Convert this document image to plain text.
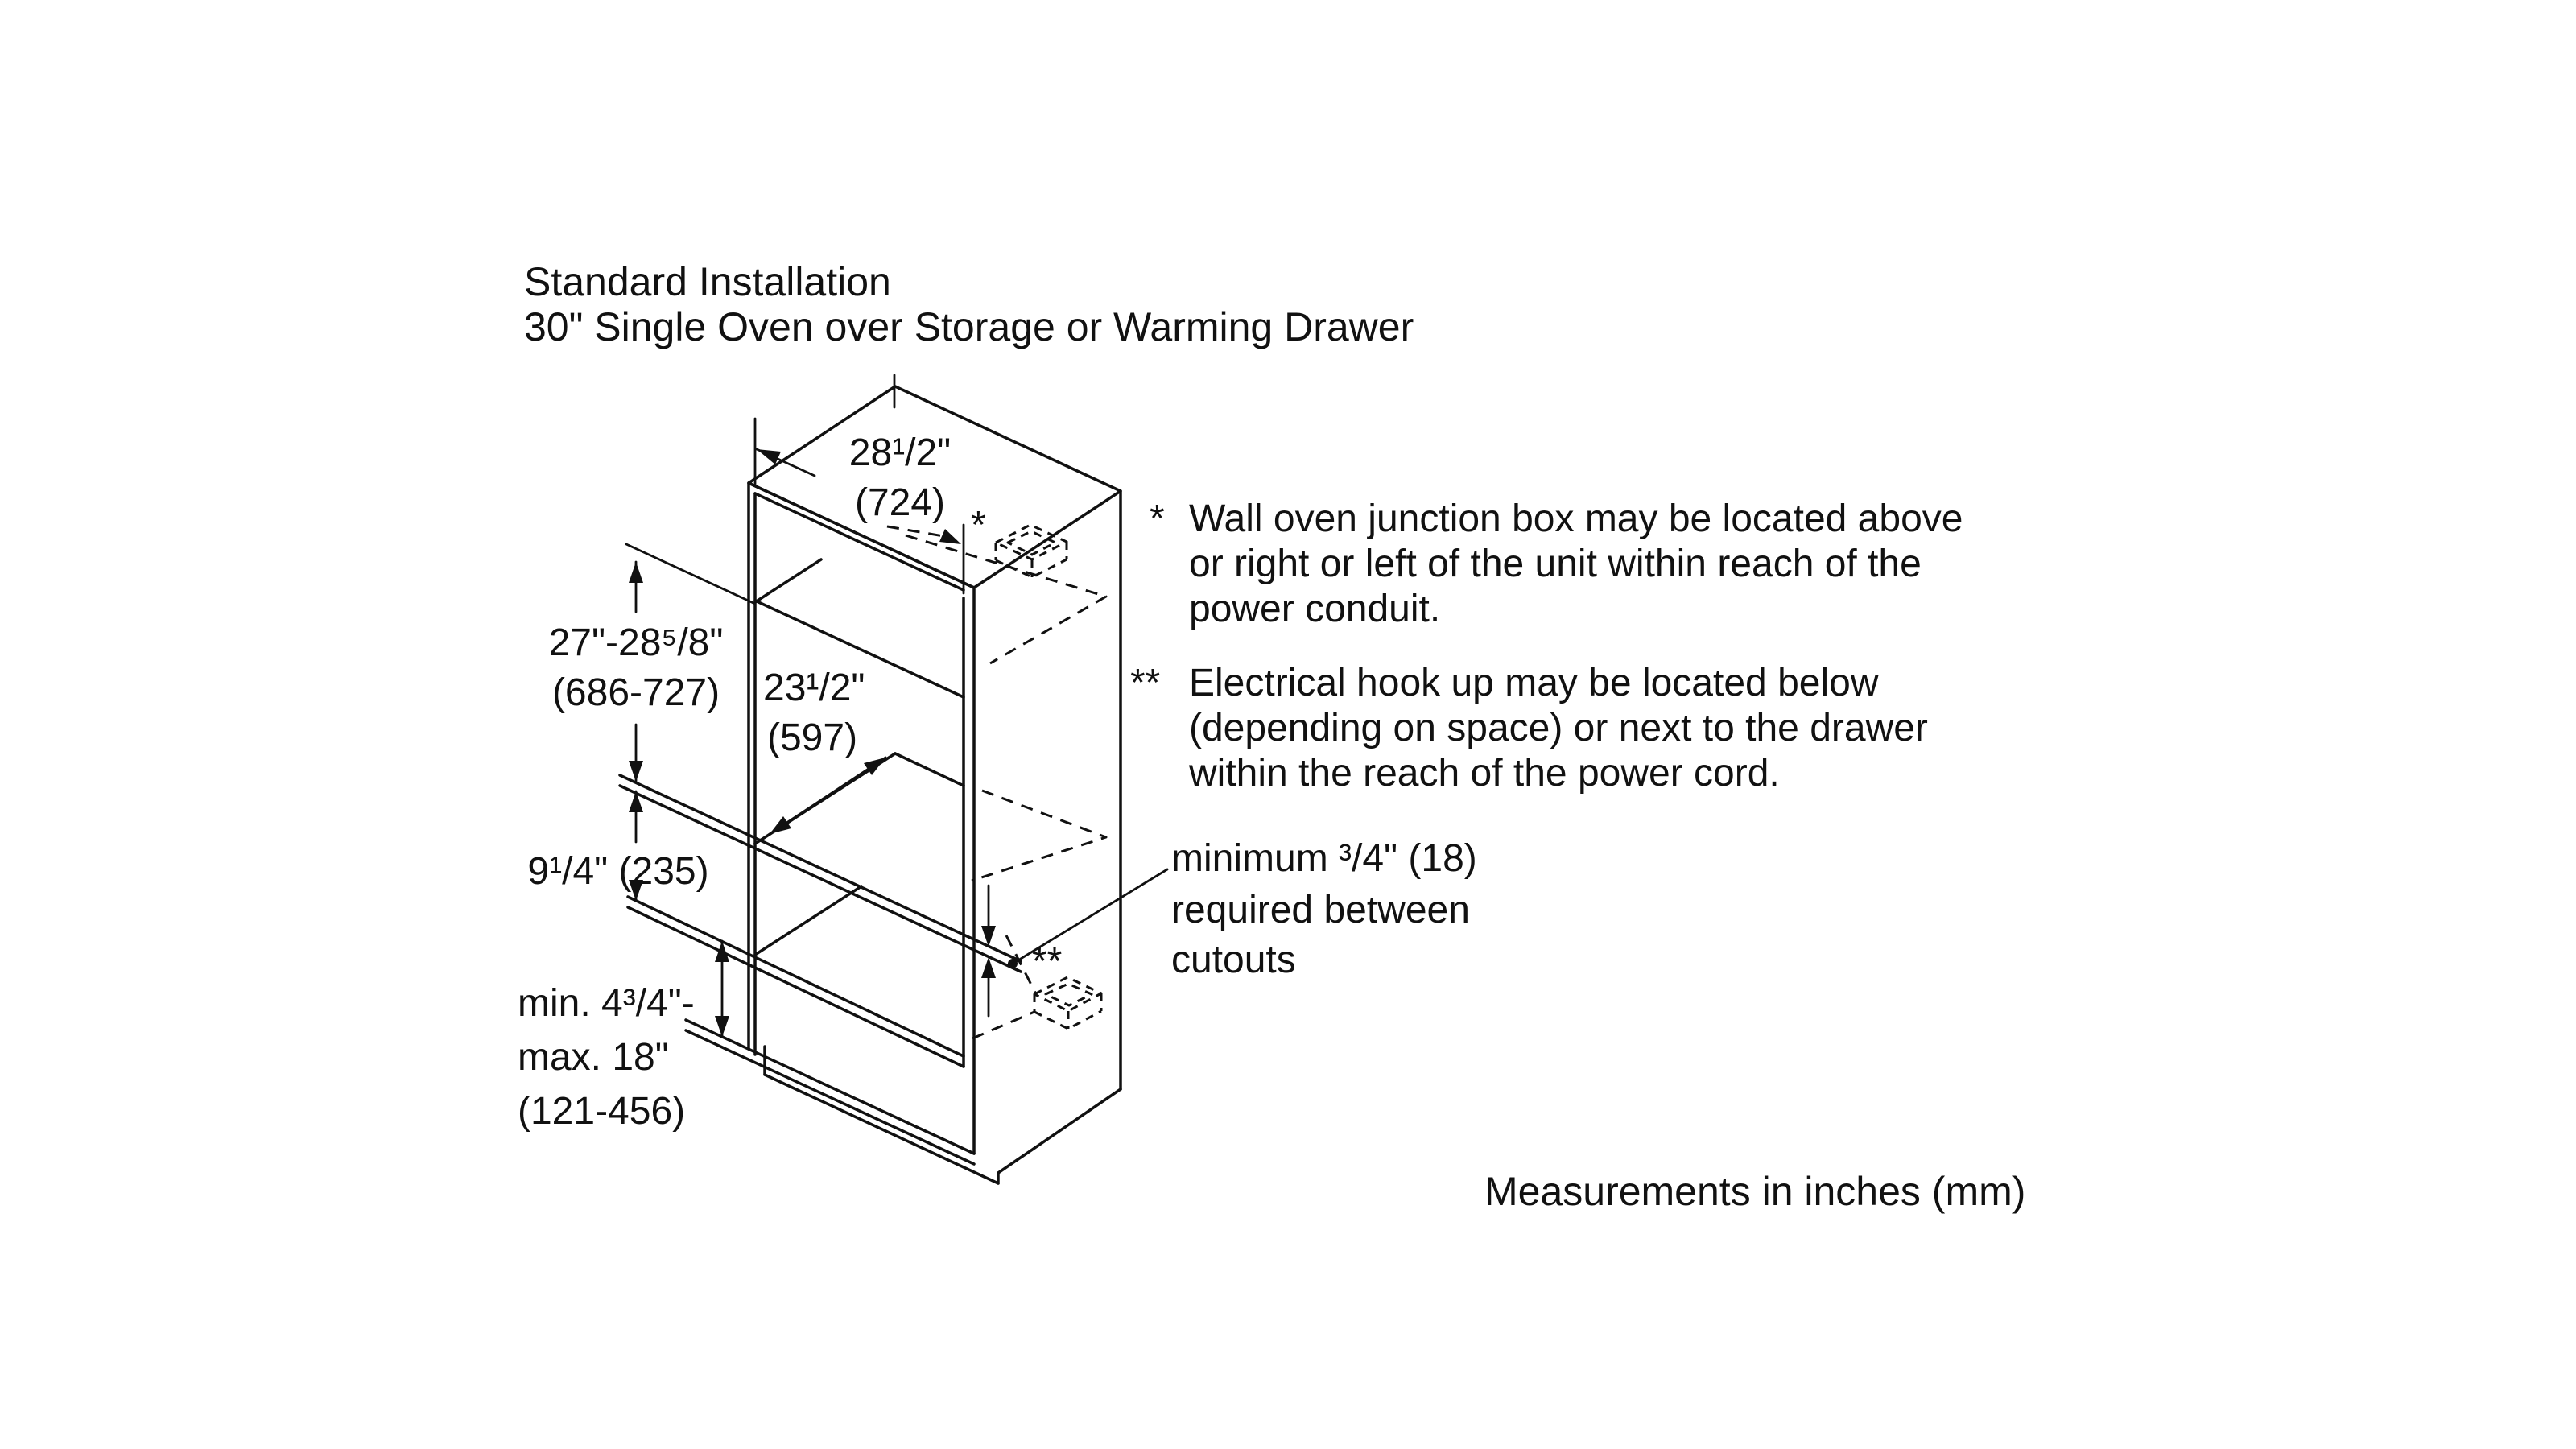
Standard Installation
30" Single Oven over Storage or Warming Drawer
*
**
28¹/2"
(724)
27"-28⁵/8"
(686-727) 23¹/2"
(597)
9¹/4" (235)
min. 4³/4"-
max. 18"
(121-456)
* Wall oven junction box may be located above
or right or left of the unit within reach of the
power conduit.
** Electrical hook up may be located below
(depending on space) or next to the drawer
within the reach of the power cord.
minimum ³/4" (18)
required between
cutouts
Measurements in inches (mm)
